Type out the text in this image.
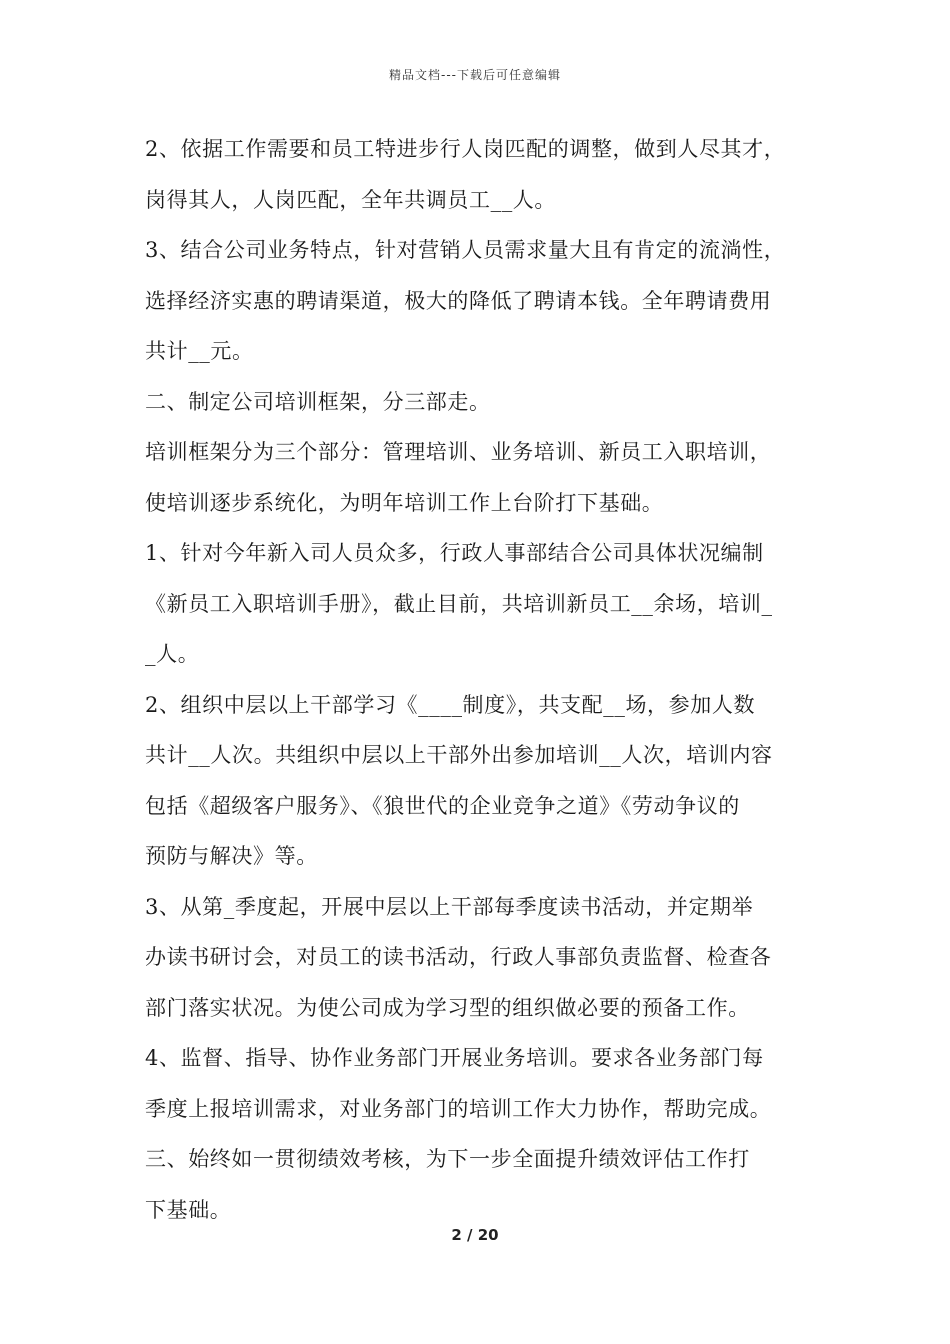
精品文档---下载后可任意编辑
2、依据工作需要和员工特进步行人岗匹配的调整，做到人尽其才，
岗得其人，人岗匹配，全年共调员工__人。
3、结合公司业务特点，针对营销人员需求量大且有肯定的流淌性，
选择经济实惠的聘请渠道，极大的降低了聘请本钱。全年聘请费用
共计__元。
二、制定公司培训框架，分三部走。
培训框架分为三个部分：管理培训、业务培训、新员工入职培训，
使培训逐步系统化，为明年培训工作上台阶打下基础。
1、针对今年新入司人员众多，行政人事部结合公司具体状况编制
《新员工入职培训手册》，截止目前，共培训新员工__余场，培训_
_人。
2、组织中层以上干部学习《____制度》，共支配__场，参加人数
共计__人次。共组织中层以上干部外出参加培训__人次，培训内容
包括《超级客户服务》、《狼世代的企业竞争之道》《劳动争议的
预防与解决》等。
3、从第_季度起，开展中层以上干部每季度读书活动，并定期举
办读书研讨会，对员工的读书活动，行政人事部负责监督、检查各
部门落实状况。为使公司成为学习型的组织做必要的预备工作。
4、监督、指导、协作业务部门开展业务培训。要求各业务部门每
季度上报培训需求，对业务部门的培训工作大力协作，帮助完成。
三、始终如一贯彻绩效考核，为下一步全面提升绩效评估工作打
下基础。
2 / 20
